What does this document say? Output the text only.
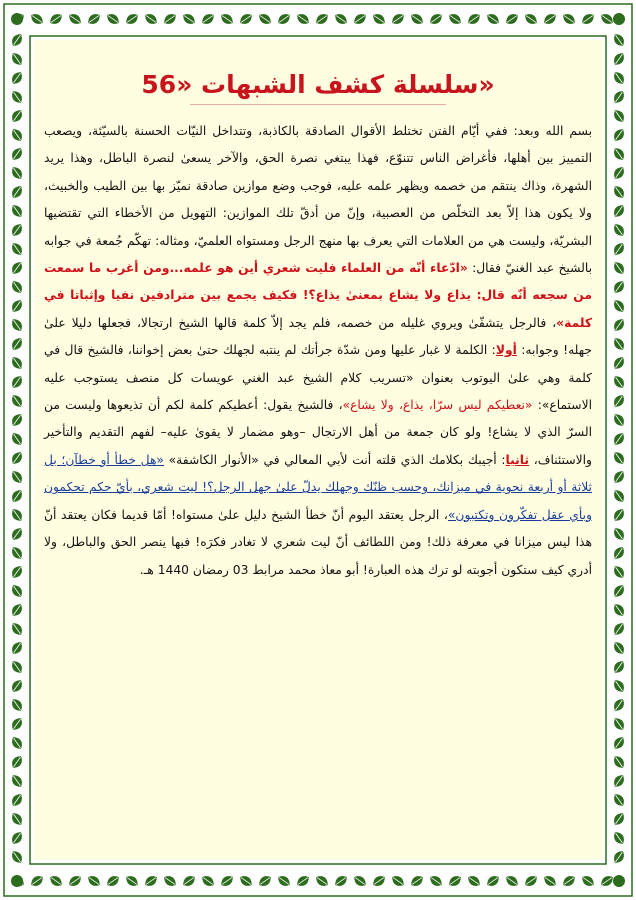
سلسلة كشف الشبهات «56»

بسم الله وبعد: ففي أيّام الفتن تختلط الأقوال الصادقة بالكاذبة، وتتداخل النيّات الحسنة بالسيّئة، ويصعب التمييز بين أهلها، فأغراض الناس تتنوّع، فهذا يبتغي نصرة الحق، والآخر يسعىٰ لنصرة الباطل، وهذا يريد الشهرة، وذاك ينتقم من خصمه ويظهر علمه عليه، فوجب وضع موازين صادقة نميّز بها بين الطيب والخبيث، ولا يكون هذا إلاّ بعد التخلّص من العصبية، وإنّ من أدقّ تلك الموازين: التهويل من الأخطاء التي تقتضيها البشريّة، وليست هي من العلامات التي يعرف بها منهج الرجل ومستواه العلميّ، ومثاله: تهكّم جُمعة في جوابه بالشيخ عبد الغنيّ فقال: «ادّعاء أنّه من العلماء فليت شعري أين هو علمه...ومن أغرب ما سمعت من سجعه أنّه قال: يذاع ولا يشاع بمعنىٰ يذاع؟! فكيف يجمع بين مترادفين نفيا وإثباتا في كلمة»، فالرجل يتشفّىٰ ويروي غليله من خصمه، فلم يجد إلاّ كلمة قالها الشيخ ارتجالا، فجعلها دليلا علىٰ جهله! وجوابه: أولا: الكلمة لا غبار عليها ومن شدّة جرأتك لم ينتبه لجهلك حتىٰ بعض إخواننا، فالشيخ قال في كلمة وهي علىٰ اليوتوب بعنوان «تسريب كلام الشيخ عبد الغني عويسات كل منصف يستوجب عليه الاستماع»: «نعطيكم ليس سرّا، يذاع، ولا يشاع»، فالشيخ يقول: أعطيكم كلمة لكم أن تذيعوها وليست من السرّ الذي لا يشاع! ولو كان جمعة من أهل الارتجال –وهو مضمار لا يقوىٰ عليه– لفهم التقديم والتأخير والاستئناف، ثانيا: أجيبك بكلامك الذي قلته أنت لأبي المعالي في «الأنوار الكاشفة» «هل خطأ أو خطآن؛ بل ثلاثة أو أربعة نحوية في ميزانك، وحسب ظنّك وجهلك يدلّ علىٰ جهل الرجل؟! ليت شعري، بأيّ حكم تحكمون وبأي عقل تفكّرون وتكتبون»، الرجل يعتقد اليوم أنّ خطأ الشيخ دليل علىٰ مستواه! أمّا قديما فكان يعتقد أنّ هذا ليس ميزانا في معرفة ذلك! ومن اللطائف أنّ ليت شعري لا تغادر فكرَه! فبها ينصر الحق والباطل، ولا أدري كيف ستكون أجوبته لو ترك هذه العبارة! أبو معاذ محمد مرابط 03 رمضان 1440 هـ.
